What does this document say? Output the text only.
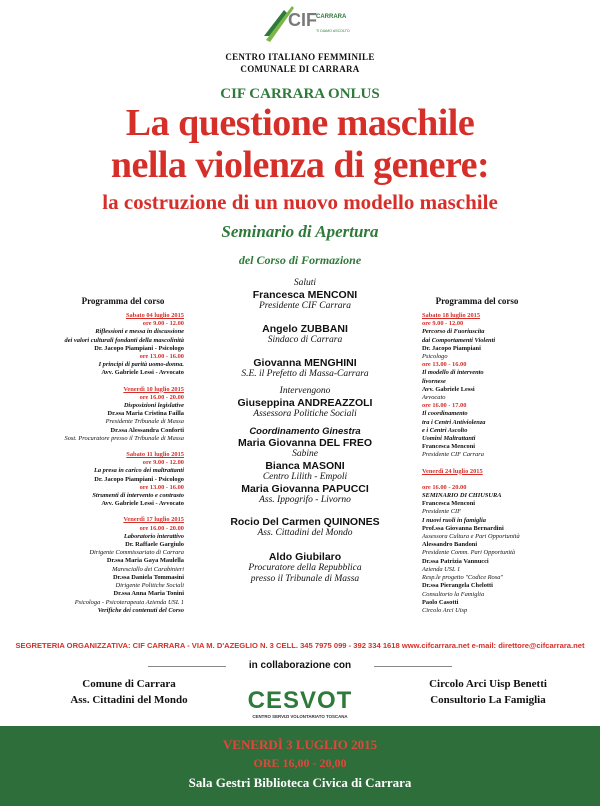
CIF CARRARA
TI DIAMO ASCOLTO
CENTRO ITALIANO FEMMINILE
COMUNALE DI CARRARA
CIF CARRARA ONLUS
La questione maschile
nella violenza di genere:
la costruzione di un nuovo modello maschile
Seminario di Apertura
del Corso di Formazione
Programma del corso
Sabato 04 luglio 2015
ore 9.00 - 12.00
Riflessioni e messa in discussione
dei valori culturali fondanti della mascolinità
Dr. Jacopo Piampiani - Psicologo
ore 13.00 - 16.00
I principi di parità uomo-donna.
Avv. Gabriele Lessi - Avvocato
Venerdì 10 luglio 2015
ore 16.00 - 20.00
Disposizioni legislative
Dr.ssa Maria Cristina Failla
Presidente Tribunale di Massa
Dr.ssa Alessandra Conforti
Sost. Procuratore presso il Tribunale di Massa
Sabato 11 luglio 2015
ore 9.00 - 12.00
La presa in carico dei maltrattanti
Dr. Jacopo Piampiani - Psicologo
ore 13.00 - 16.00
Strumenti di intervento e contrasto
Avv. Gabriele Lessi - Avvocato
Venerdì 17 luglio 2015
ore 16.00 - 20.00
Laboratorio interattivo
Dr. Raffaele Gargiulo
Dirigente Commissariato di Carrara
Dr.ssa Maria Gaya Maulella
Maresciallo dei Carabinieri
Dr.ssa Daniela Tommasini
Dirigente Politiche Sociali
Dr.ssa Anna Maria Tonini
Psicologa - Psicoterapeuta Azienda USL 1
Verifiche dei contenuti del Corso
Programma del corso
Sabato 18 luglio 2015
ore 9.00 - 12.00
Percorso di Fuoriuscita
dai Comportamenti Violenti
Dr. Jacopo Piampiani
Psicologo
ore 13.00 - 16.00
Il modello di intervento
livornese
Avv. Gabriele Lessi
Avvocato
ore 16.00 - 17.00
Il coordinamento
tra i Centri Antiviolenza
e i Centri Ascolto
Uomini Maltrattanti
Francesca Menconi
Presidente CIF Carrara
Venerdì 24 luglio 2015
ore 16.00 - 20.00
SEMINARIO DI CHIUSURA
Francesca Menconi
Presidente CIF
I nuovi ruoli in famiglia
Prof.ssa Giovanna Bernardini
Assessora Cultura e Pari Opportunità
Alessandro Bandoni
Presidente Comm. Pari Opportunità
Dr.ssa Patrizia Vannucci
Azienda USL 1
Resp.le progetto "Codice Rosa"
Dr.ssa Pierangela Chelotti
Consultorio la Famiglia
Paolo Casotti
Circolo Arci Uisp
Saluti
Francesca MENCONI
Presidente CIF Carrara
Angelo ZUBBANI
Sindaco di Carrara
Giovanna MENGHINI
S.E. il Prefetto di Massa-Carrara
Intervengono
Giuseppina ANDREAZZOLI
Assessora Politiche Sociali
Coordinamento Ginestra
Maria Giovanna DEL FREO
Sabine
Bianca MASONI
Centro Lilith - Empoli
Maria Giovanna PAPUCCI
Ass. Ippogrifo - Livorno
Rocio Del Carmen QUINONES
Ass. Cittadini del Mondo
Aldo Giubilaro
Procuratore della Repubblica
presso il Tribunale di Massa
SEGRETERIA ORGANIZZATIVA: CIF CARRARA - VIA M. D'AZEGLIO N. 3 CELL. 345 7975 099 - 392 334 1618 www.cifcarrara.net e-mail: direttore@cifcarrara.net
in collaborazione con
Comune di Carrara
Ass. Cittadini del Mondo
Circolo Arci Uisp Benetti
Consultorio La Famiglia
CESVOT
CENTRO SERVIZI VOLONTARIATO TOSCANA
VENERDÌ 3 LUGLIO 2015
ORE 16,00 - 20,00
Sala Gestri Biblioteca Civica di Carrara
